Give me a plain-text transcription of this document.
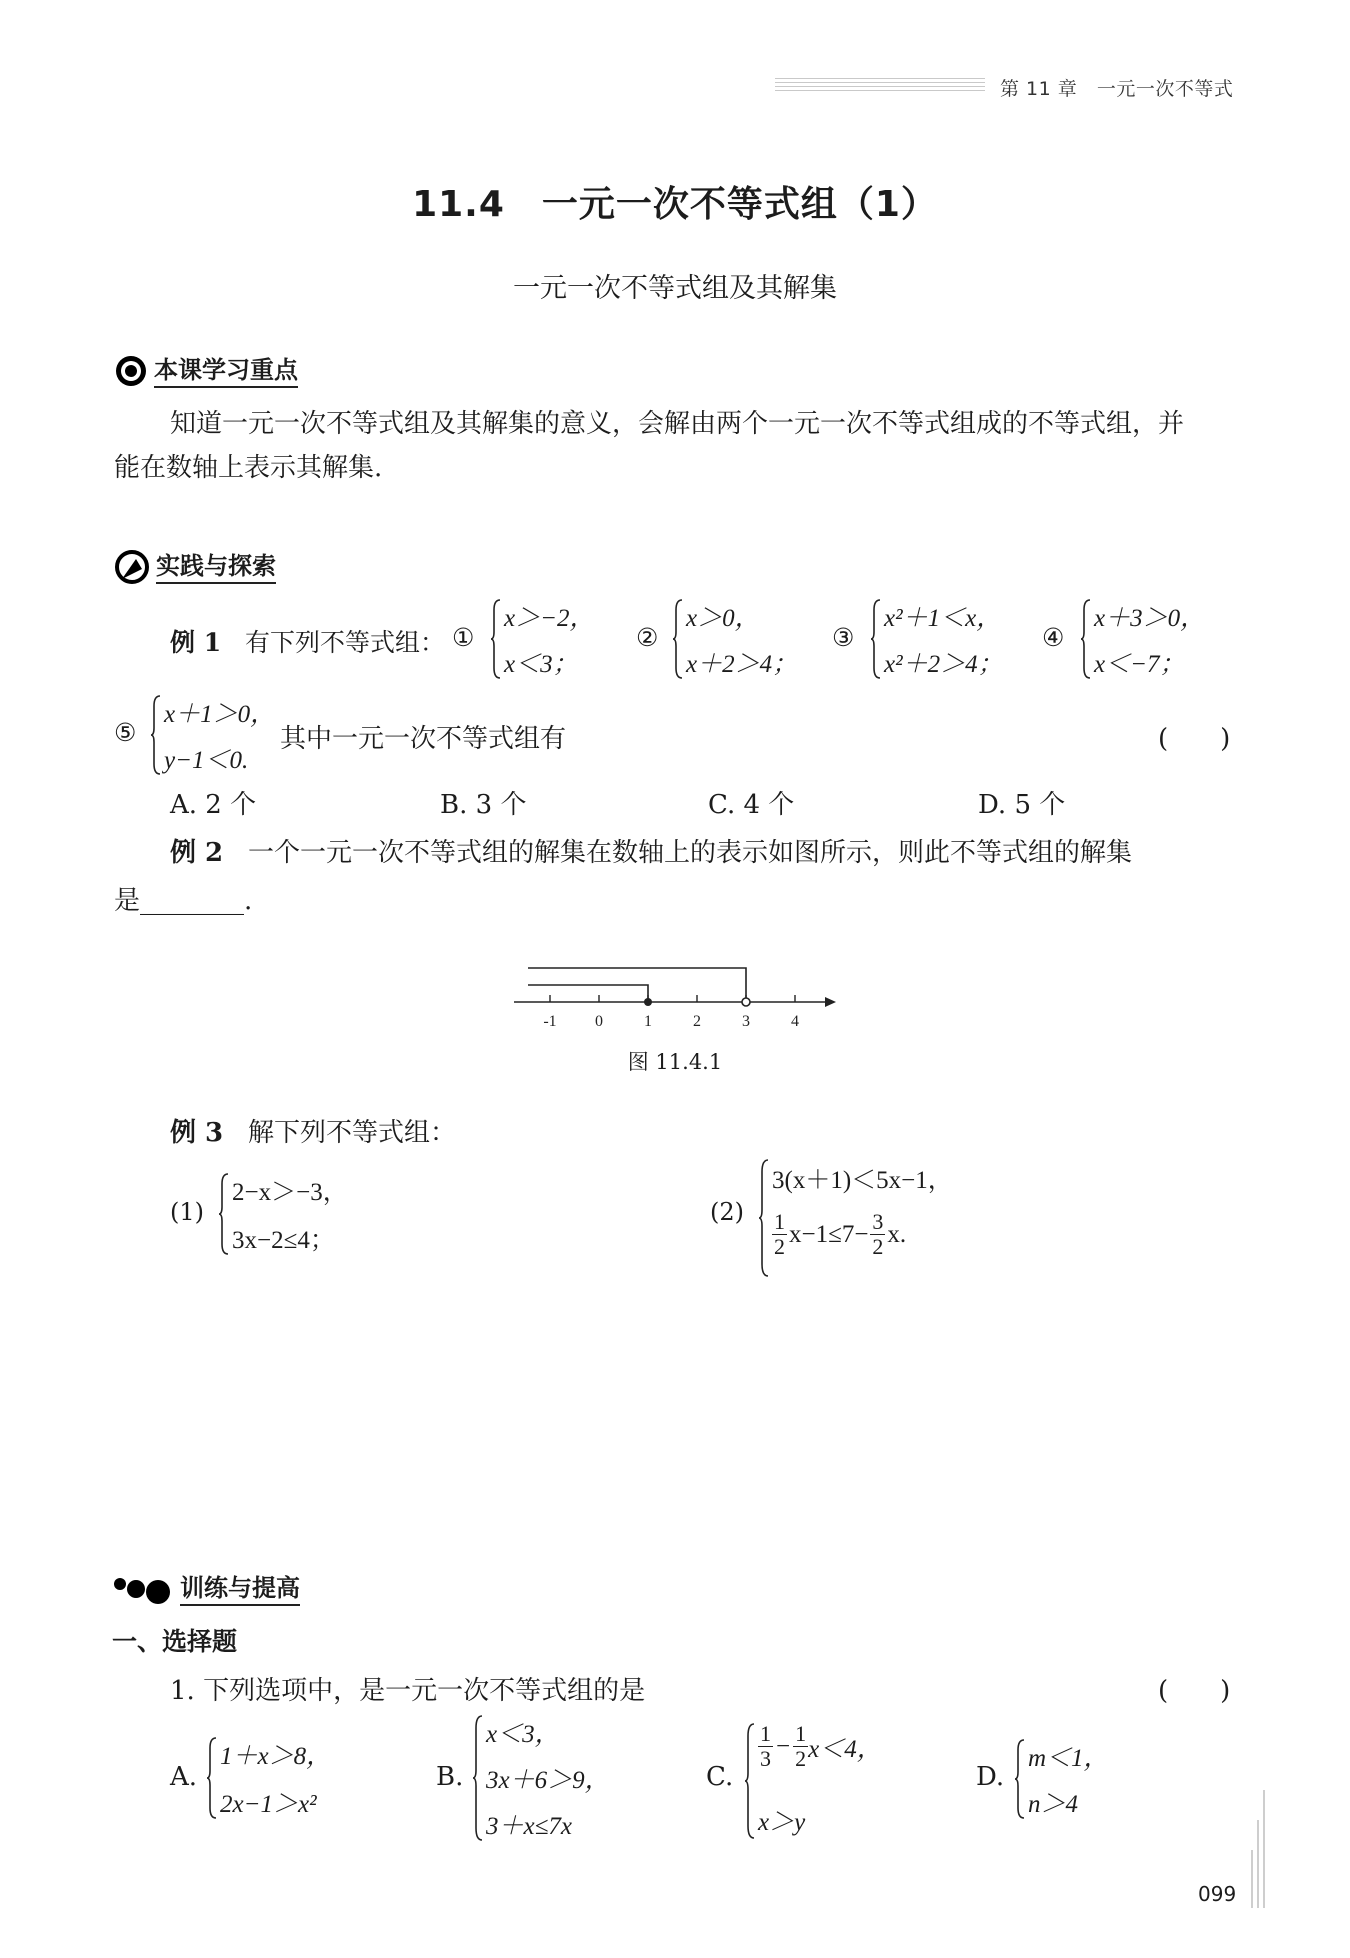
第 11 章 一元一次不等式
11.4　一元一次不等式组（1）
一元一次不等式组及其解集
本课学习重点
知道一元一次不等式组及其解集的意义，会解由两个一元一次不等式组成的不等式组，并
能在数轴上表示其解集.
实践与探索
例 1 有下列不等式组： ①
x＞−2，
x＜3；
②
x＞0，
x＋2＞4；
③
x²＋1＜x，
x²＋2＞4；
④
x＋3＞0，
x＜−7；
⑤
x＋1＞0，
y−1＜0.
其中一元一次不等式组有	(　　)
A. 2 个	B. 3 个	C. 4 个	D. 5 个
例 2 一个一元一次不等式组的解集在数轴上的表示如图所示，则此不等式组的解集
是________.
-1 0	1	2	3	4
图 11.4.1
例 3 解下列不等式组：
(1)
2−x＞−3，
3x−2≤4；
(2)
3(x＋1)＜5x−1，
$\frac{1}{2} x-1\le 7- \frac{3}{2} x$.
训练与提高
一、选择题
1. 下列选项中，是一元一次不等式组的是	(　　)
A.
1＋x＞8，
2x−1＞x²
B.
x＜3，
3x＋6＞9，
3＋x≤7x
C.
$\frac{1}{3} - \frac{1}{2} x<4$，
x＞y
D.
m＜1，
n＞4
099
